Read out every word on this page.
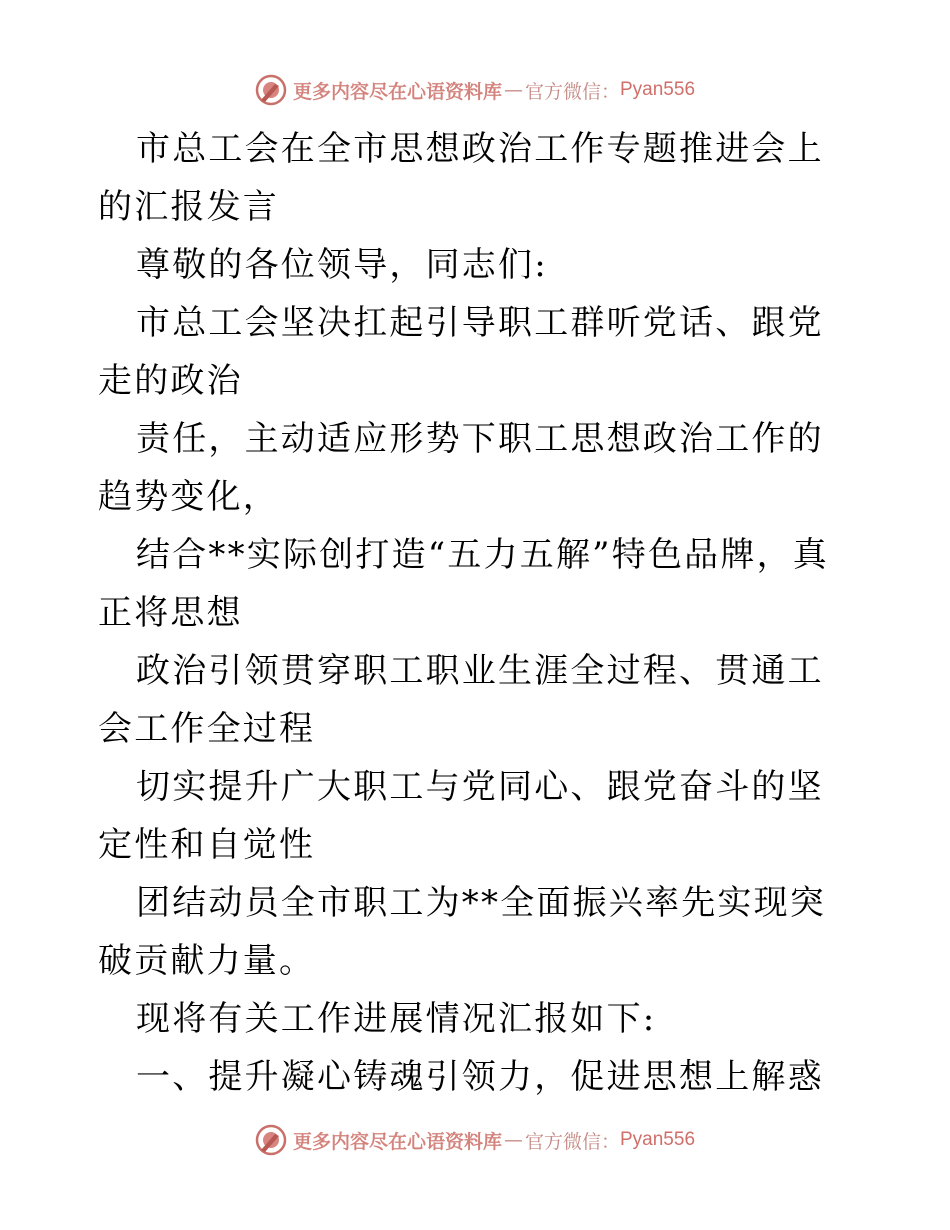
更多内容尽在心语资料库 — 官方微信： Pyan556

市总工会在全市思想政治工作专题推进会上的汇报发言

尊敬的各位领导，同志们:

市总工会坚决扛起引导职工群听党话、跟党走的政治

责任，主动适应形势下职工思想政治工作的趋势变化，

结合**实际创打造“五力五解”特色品牌，真正将思想

政治引领贯穿职工职业生涯全过程、贯通工会工作全过程

切实提升广大职工与党同心、跟党奋斗的坚定性和自觉性

团结动员全市职工为**全面振兴率先实现突破贡献力量。

现将有关工作进展情况汇报如下:

一、提升凝心铸魂引领力，促进思想上解惑

更多内容尽在心语资料库 — 官方微信： Pyan556
